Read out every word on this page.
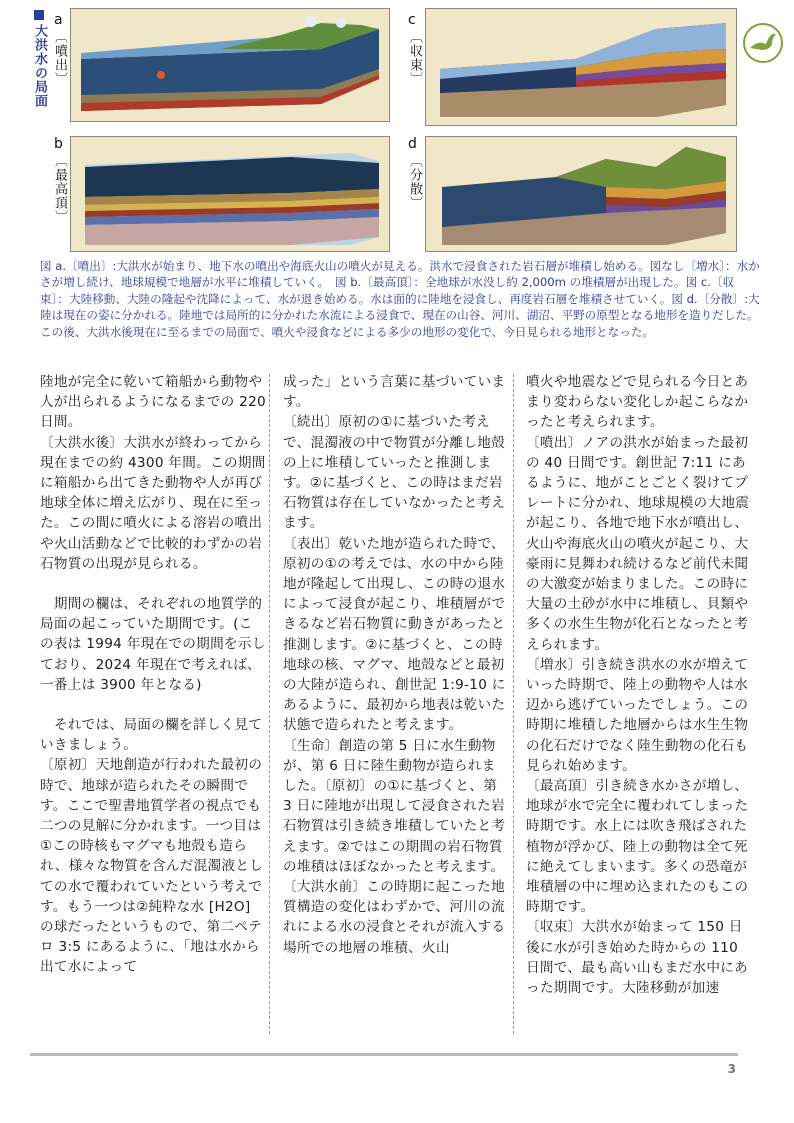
大洪水の局面
a
〔噴出〕
b
〔最高頂〕
c
〔収束〕
d
〔分散〕
図 a.〔噴出〕:大洪水が始まり、地下水の噴出や海底火山の噴火が見える。洪水で浸食された岩石層が堆積し始める。図なし〔増水〕：水かさが増し続け、地球規模で地層が水平に堆積していく。　図 b.〔最高頂〕：全地球が水没し約 2,000m の堆積層が出現した。図 c.〔収束〕：大陸移動、大陸の隆起や沈降によって、水が退き始める。水は面的に陸地を浸食し、再度岩石層を堆積させていく。図 d.〔分散〕:大陸は現在の姿に分かれる。陸地では局所的に分かれた水流による浸食で、現在の山谷、河川、湖沼、平野の原型となる地形を造りだした。この後、大洪水後現在に至るまでの局面で、噴火や浸食などによる多少の地形の変化で、今日見られる地形となった。

陸地が完全に乾いて箱船から動物や人が出られるようになるまでの 220 日間。

〔大洪水後〕大洪水が終わってから現在までの約 4300 年間。この期間に箱船から出てきた動物や人が再び地球全体に増え広がり、現在に至った。この間に噴火による溶岩の噴出や火山活動などで比較的わずかの岩石物質の出現が見られる。

　期間の欄は、それぞれの地質学的局面の起こっていた期間です。(この表は 1994 年現在での期間を示しており、2024 年現在で考えれば、一番上は 3900 年となる)

　それでは、局面の欄を詳しく見ていきましょう。

〔原初〕天地創造が行われた最初の時で、地球が造られたその瞬間です。ここで聖書地質学者の視点でも二つの見解に分かれます。一つ目は①この時核もマグマも地殻も造られ、様々な物質を含んだ混濁液としての水で覆われていたという考えです。もう一つは②純粋な水 [H2O] の球だったというもので、第二ペテロ 3:5 にあるように、「地は水から出て水によって

成った」という言葉に基づいています。

〔続出〕原初の①に基づいた考えで、混濁液の中で物質が分離し地殻の上に堆積していったと推測します。②に基づくと、この時はまだ岩石物質は存在していなかったと考えます。

〔表出〕乾いた地が造られた時で、原初の①の考えでは、水の中から陸地が隆起して出現し、この時の退水によって浸食が起こり、堆積層ができるなど岩石物質に動きがあったと推測します。②に基づくと、この時地球の核、マグマ、地殻などと最初の大陸が造られ、創世記 1:9-10 にあるように、最初から地表は乾いた状態で造られたと考えます。

〔生命〕創造の第 5 日に水生動物が、第 6 日に陸生動物が造られました。〔原初〕の①に基づくと、第 3 日に陸地が出現して浸食された岩石物質は引き続き堆積していたと考えます。②ではこの期間の岩石物質の堆積はほぼなかったと考えます。

〔大洪水前〕この時期に起こった地質構造の変化はわずかで、河川の流れによる水の浸食とそれが流入する場所での地層の堆積、火山

噴火や地震などで見られる今日とあまり変わらない変化しか起こらなかったと考えられます。

〔噴出〕ノアの洪水が始まった最初の 40 日間です。創世記 7:11 にあるように、地がことごとく裂けてプレートに分かれ、地球規模の大地震が起こり、各地で地下水が噴出し、火山や海底火山の噴火が起こり、大豪雨に見舞われ続けるなど前代未聞の大激変が始まりました。この時に大量の土砂が水中に堆積し、貝類や多くの水生生物が化石となったと考えられます。

〔増水〕引き続き洪水の水が増えていった時期で、陸上の動物や人は水辺から逃げていったでしょう。この時期に堆積した地層からは水生生物の化石だけでなく陸生動物の化石も見られ始めます。

〔最高頂〕引き続き水かさが増し、地球が水で完全に覆われてしまった時期です。水上には吹き飛ばされた植物が浮かび、陸上の動物は全て死に絶えてしまいます。多くの恐竜が堆積層の中に埋め込まれたのもこの時期です。

〔収束〕大洪水が始まって 150 日後に水が引き始めた時からの 110 日間で、最も高い山もまだ水中にあった期間です。大陸移動が加速

3
